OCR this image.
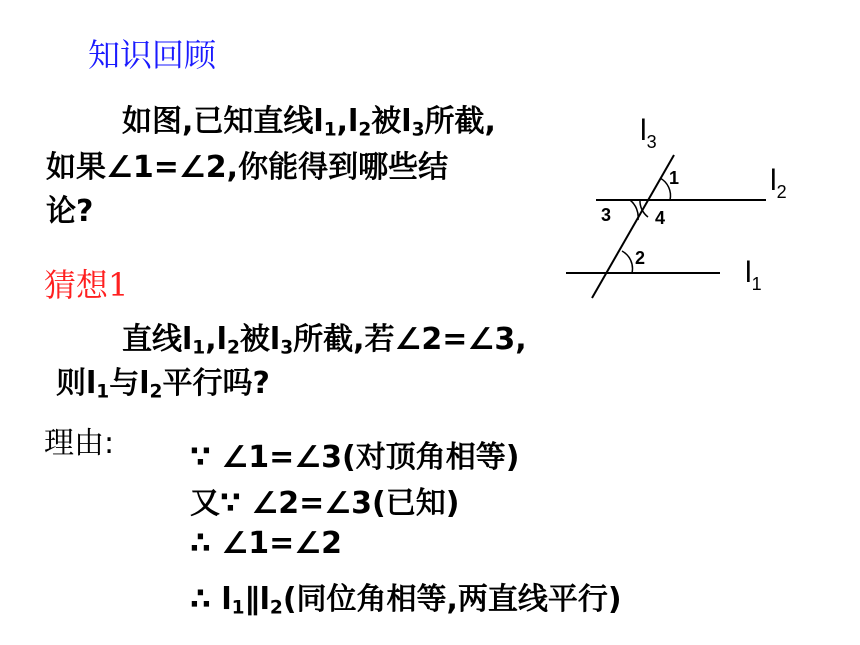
知识回顾
如图,已知直线$l_1,l_2$被$l_3$所截,
如果∠1=∠2,你能得到哪些结
论?
猜想1
直线$l_1,l_2$被$l_3$所截,若∠2=∠3,
则$l_1$与$l_2$平行吗?
理由:	∵ ∠1=∠3(对顶角相等)
又∵ ∠2=∠3(已知)
∴ ∠1=∠2
∴ $l_1\parallel l_2$(同位角相等,两直线平行)
$l_3$
$l_2$
$l_1$
1
3 4
2
